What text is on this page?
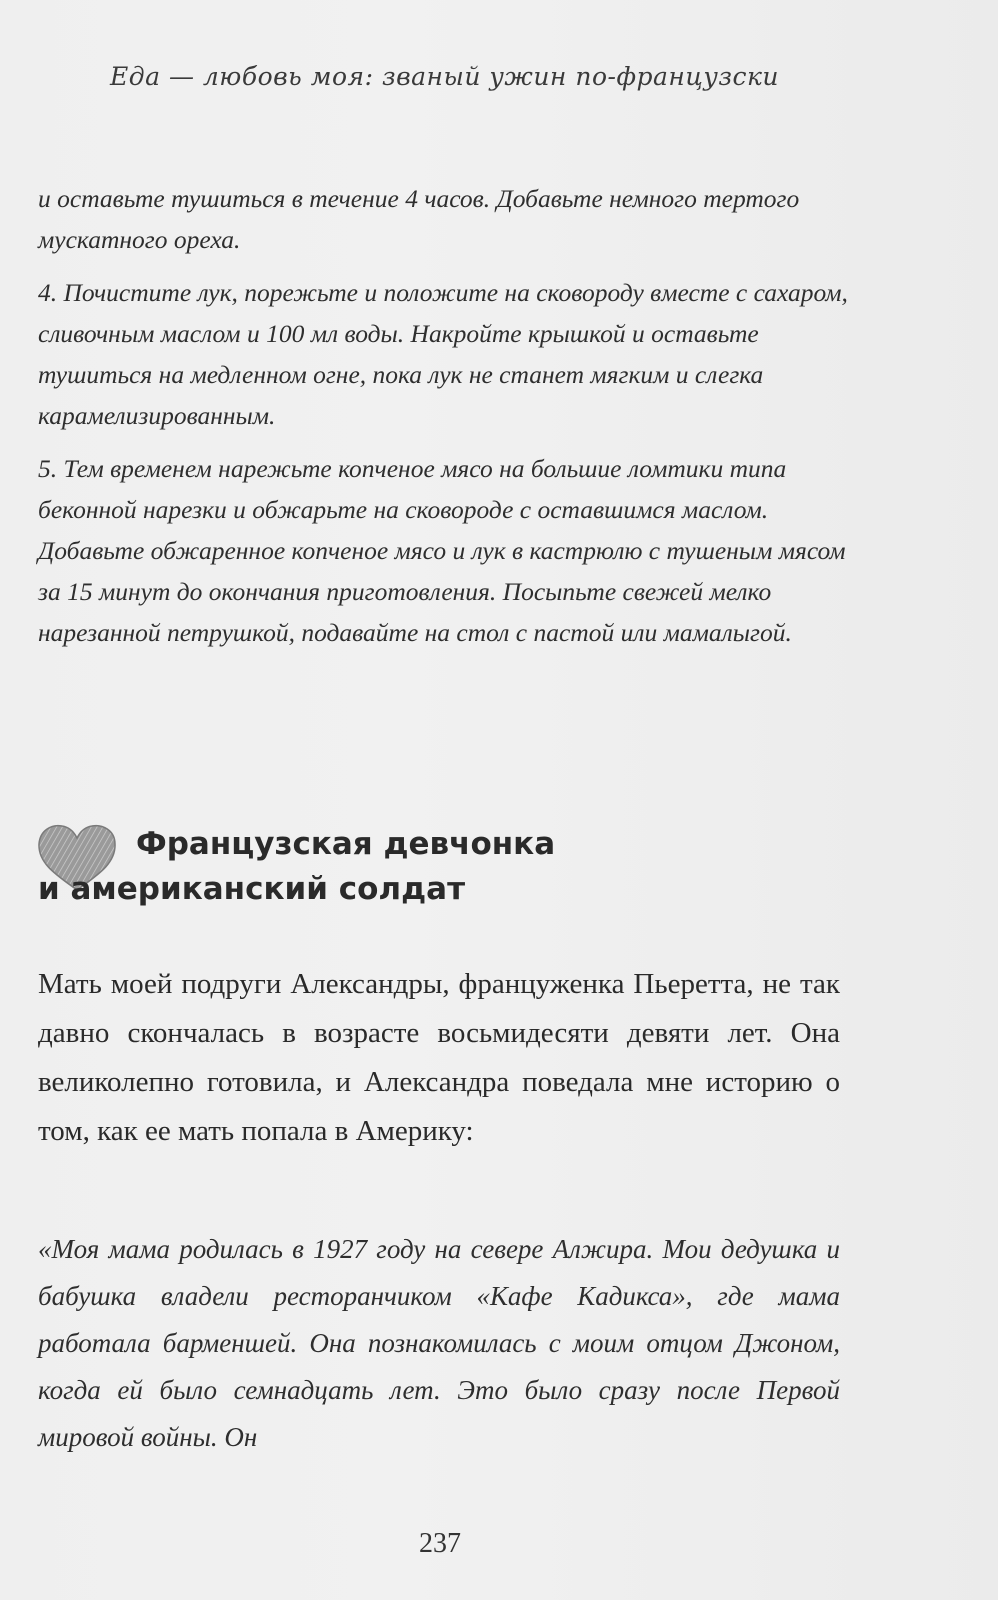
Еда — любовь моя: званый ужин по-французски

и оставьте тушиться в течение 4 часов. Добавьте немного тертого мускатного ореха.

4. Почистите лук, порежьте и положите на сковороду вместе с сахаром, сливочным маслом и 100 мл воды. Накройте крышкой и оставьте тушиться на медленном огне, пока лук не станет мягким и слегка карамелизированным.

5. Тем временем нарежьте копченое мясо на большие ломтики типа беконной нарезки и обжарьте на сковороде с оставшимся маслом. Добавьте обжаренное копченое мясо и лук в кастрюлю с тушеным мясом за 15 минут до окончания приготовления. Посыпьте свежей мелко нарезанной петрушкой, подавайте на стол с пастой или мамалыгой.

Французская девчонка
и американский солдат
Мать моей подруги Александры, француженка Пьеретта, не так давно скончалась в возрасте восьмидесяти девяти лет. Она великолепно готовила, и Александра поведала мне историю о том, как ее мать попала в Америку:
«Моя мама родилась в 1927 году на севере Алжира. Мои дедушка и бабушка владели ресторанчиком «Кафе Кадикса», где мама работала барменшей. Она познакомилась с моим отцом Джоном, когда ей было семнадцать лет. Это было сразу после Первой мировой войны. Он
237
